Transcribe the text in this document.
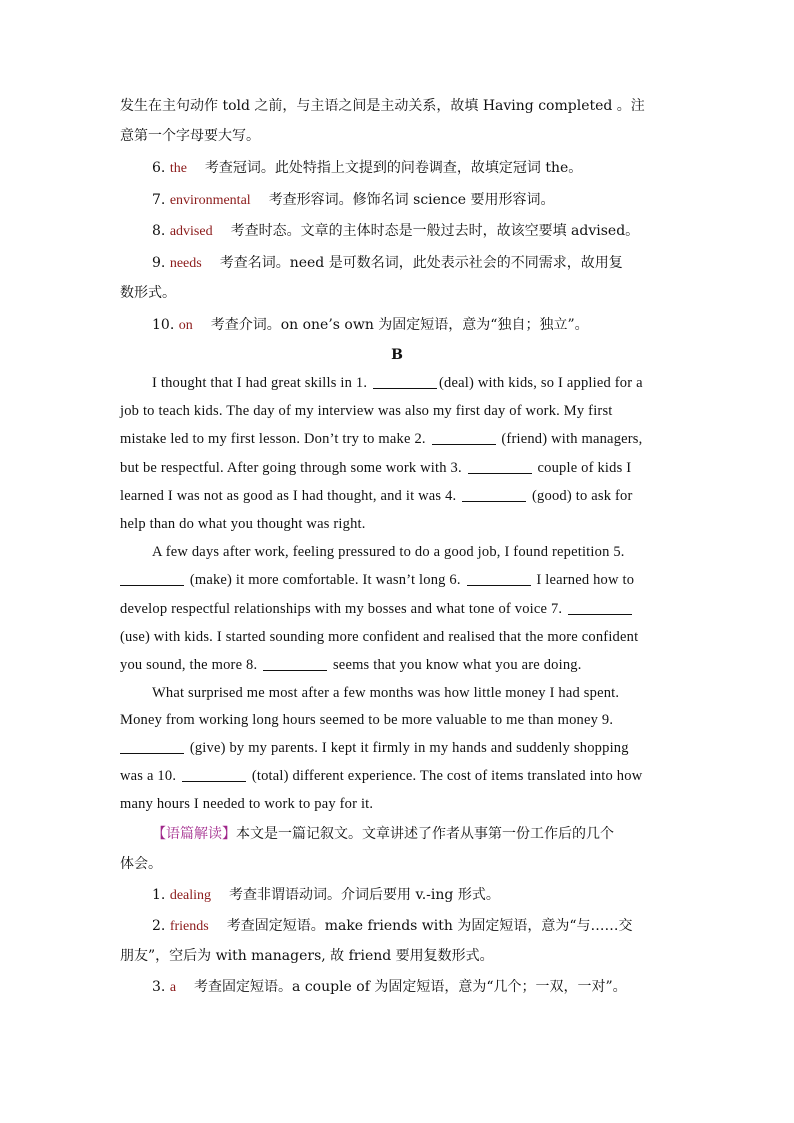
发生在主句动作 told 之前，与主语之间是主动关系，故填 Having completed 。注

意第一个字母要大写。

6. the 考查冠词。此处特指上文提到的问卷调查，故填定冠词 the。

7. environmental 考查形容词。修饰名词 science 要用形容词。

8. advised 考查时态。文章的主体时态是一般过去时，故该空要填 advised。

9. needs 考查名词。need 是可数名词，此处表示社会的不同需求，故用复

数形式。

10. on 考查介词。on one’s own 为固定短语，意为“独自；独立”。

B

I thought that I had great skills in 1.	(deal) with kids, so I applied for a

job to teach kids. The day of my interview was also my first day of work. My first

mistake led to my first lesson. Don’t try to make 2.	(friend) with managers,

but be respectful. After going through some work with 3.	couple of kids I

learned I was not as good as I had thought, and it was 4.	(good) to ask for

help than do what you thought was right.

A few days after work, feeling pressured to do a good job, I found repetition 5.

(make) it more comfortable. It wasn’t long 6.	I learned how to

develop respectful relationships with my bosses and what tone of voice 7.

(use) with kids. I started sounding more confident and realised that the more confident

you sound, the more 8.	seems that you know what you are doing.

What surprised me most after a few months was how little money I had spent.

Money from working long hours seemed to be more valuable to me than money 9.

(give) by my parents. I kept it firmly in my hands and suddenly shopping

was a 10.	(total) different experience. The cost of items translated into how

many hours I needed to work to pay for it.

【语篇解读】本文是一篇记叙文。文章讲述了作者从事第一份工作后的几个

体会。

1. dealing 考查非谓语动词。介词后要用 v.-ing 形式。

2. friends 考查固定短语。make friends with 为固定短语，意为“与……交

朋友”，空后为 with managers, 故 friend 要用复数形式。

3. a 考查固定短语。a couple of 为固定短语，意为“几个；一双，一对”。
